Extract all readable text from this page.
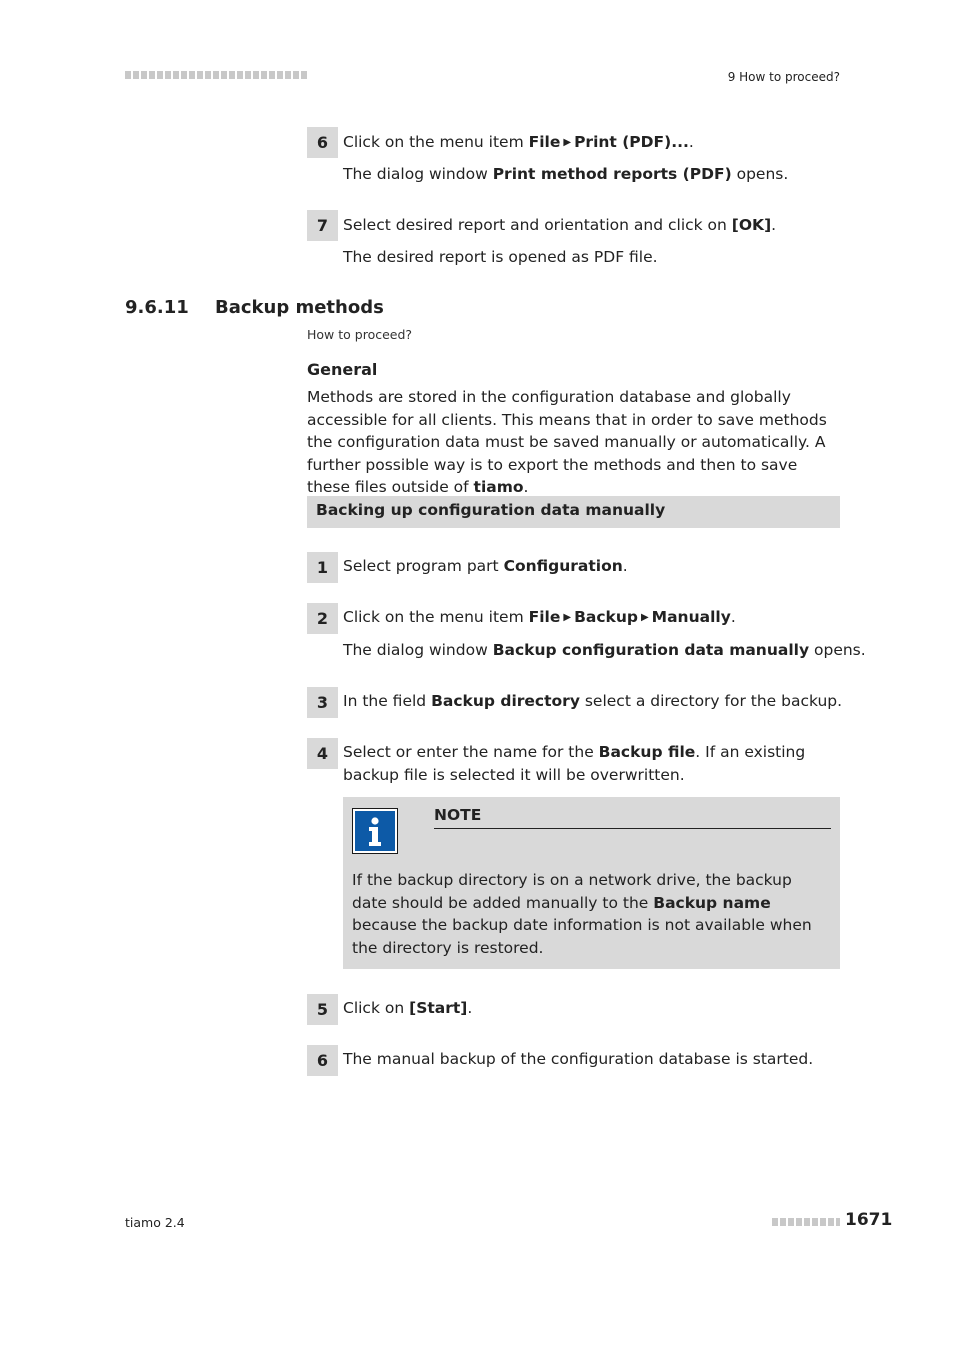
9 How to proceed?
6 Click on the menu item File ▶ Print (PDF)....
The dialog window Print method reports (PDF) opens.
7 Select desired report and orientation and click on [OK].
The desired report is opened as PDF file.
9.6.11 Backup methods
How to proceed?
General
Methods are stored in the configuration database and globally accessible for all clients. This means that in order to save methods the configuration data must be saved manually or automatically. A further possible way is to export the methods and then to save these files outside of tiamo.
Backing up configuration data manually
1 Select program part Configuration.
2 Click on the menu item File ▶ Backup ▶ Manually.
The dialog window Backup configuration data manually opens.
3 In the field Backup directory select a directory for the backup.
4 Select or enter the name for the Backup file. If an existing backup file is selected it will be overwritten.
NOTE
If the backup directory is on a network drive, the backup date should be added manually to the Backup name because the backup date information is not available when the directory is restored.
5 Click on [Start].
6 The manual backup of the configuration database is started.
tiamo 2.4	1671
